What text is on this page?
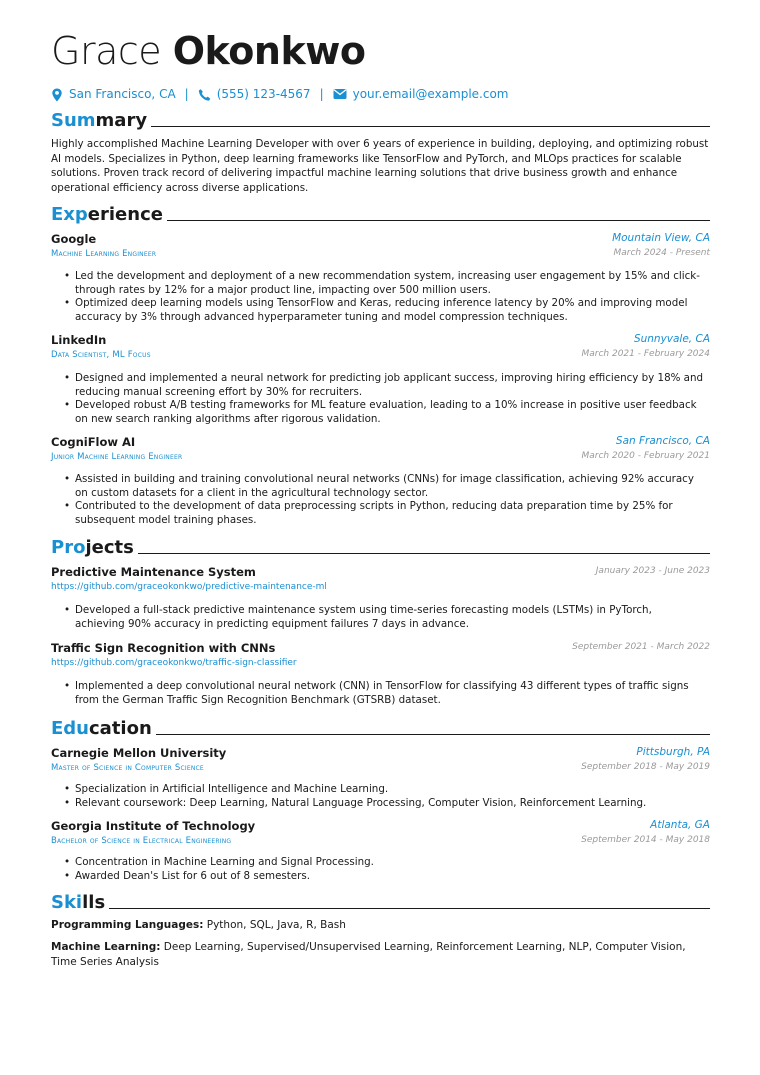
Grace Okonkwo
San Francisco, CA | (555) 123-4567 | your.email@example.com
Summary
Highly accomplished Machine Learning Developer with over 6 years of experience in building, deploying, and optimizing robust AI models. Specializes in Python, deep learning frameworks like TensorFlow and PyTorch, and MLOps practices for scalable solutions. Proven track record of delivering impactful machine learning solutions that drive business growth and enhance operational efficiency across diverse applications.
Experience
Google
Machine Learning Engineer
Mountain View, CA
March 2024 - Present
• Led the development and deployment of a new recommendation system, increasing user engagement by 15% and click-through rates by 12% for a major product line, impacting over 500 million users.
• Optimized deep learning models using TensorFlow and Keras, reducing inference latency by 20% and improving model accuracy by 3% through advanced hyperparameter tuning and model compression techniques.
LinkedIn
Data Scientist, ML Focus
Sunnyvale, CA
March 2021 - February 2024
• Designed and implemented a neural network for predicting job applicant success, improving hiring efficiency by 18% and reducing manual screening effort by 30% for recruiters.
• Developed robust A/B testing frameworks for ML feature evaluation, leading to a 10% increase in positive user feedback on new search ranking algorithms after rigorous validation.
CogniFlow AI
Junior Machine Learning Engineer
San Francisco, CA
March 2020 - February 2021
• Assisted in building and training convolutional neural networks (CNNs) for image classification, achieving 92% accuracy on custom datasets for a client in the agricultural technology sector.
• Contributed to the development of data preprocessing scripts in Python, reducing data preparation time by 25% for subsequent model training phases.
Projects
Predictive Maintenance System
https://github.com/graceokonkwo/predictive-maintenance-ml
January 2023 - June 2023
• Developed a full-stack predictive maintenance system using time-series forecasting models (LSTMs) in PyTorch, achieving 90% accuracy in predicting equipment failures 7 days in advance.
Traffic Sign Recognition with CNNs
https://github.com/graceokonkwo/traffic-sign-classifier
September 2021 - March 2022
• Implemented a deep convolutional neural network (CNN) in TensorFlow for classifying 43 different types of traffic signs from the German Traffic Sign Recognition Benchmark (GTSRB) dataset.
Education
Carnegie Mellon University
Master of Science in Computer Science
Pittsburgh, PA
September 2018 - May 2019
• Specialization in Artificial Intelligence and Machine Learning.
• Relevant coursework: Deep Learning, Natural Language Processing, Computer Vision, Reinforcement Learning.
Georgia Institute of Technology
Bachelor of Science in Electrical Engineering
Atlanta, GA
September 2014 - May 2018
• Concentration in Machine Learning and Signal Processing.
• Awarded Dean's List for 6 out of 8 semesters.
Skills
Programming Languages: Python, SQL, Java, R, Bash
Machine Learning: Deep Learning, Supervised/Unsupervised Learning, Reinforcement Learning, NLP, Computer Vision, Time Series Analysis
